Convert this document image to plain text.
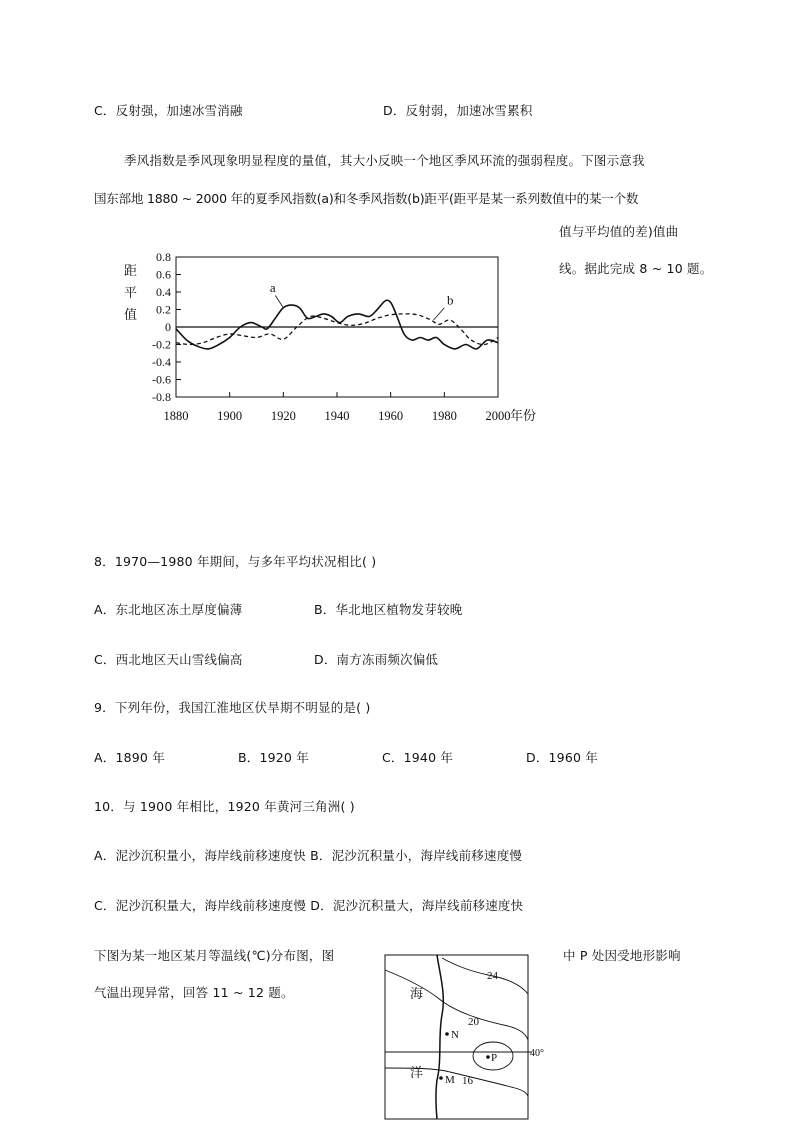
C．反射强，加速冰雪消融	D．反射弱，加速冰雪累积
季风指数是季风现象明显程度的量值，其大小反映一个地区季风环流的强弱程度。下图示意我
国东部地 1880 ~ 2000 年的夏季风指数(a)和冬季风指数(b)距平(距平是某一系列数值中的某一个数
值与平均值的差)值曲
线。据此完成 8 ~ 10 题。
0.8
0.6
0.4
0.2
0
-0.2
-0.4
-0.6
-0.8
1880 1900 1920 1940 1960 1980 2000 年份
距
平
值
a
b
8．1970—1980 年期间，与多年平均状况相比( )
A．东北地区冻土厚度偏薄	B．华北地区植物发芽较晚
C．西北地区天山雪线偏高	D．南方冻雨频次偏低
9．下列年份，我国江淮地区伏旱期不明显的是( )
A．1890 年	B．1920 年	C．1940 年	D．1960 年
10．与 1900 年相比，1920 年黄河三角洲( )
A．泥沙沉积量小，海岸线前移速度快 B．泥沙沉积量小，海岸线前移速度慢
C．泥沙沉积量大，海岸线前移速度慢 D．泥沙沉积量大，海岸线前移速度快
下图为某一地区某月等温线(℃)分布图，图	中 P 处因受地形影响
气温出现异常，回答 11 ~ 12 题。	海
洋
24
20
16
40°
N
P
M
